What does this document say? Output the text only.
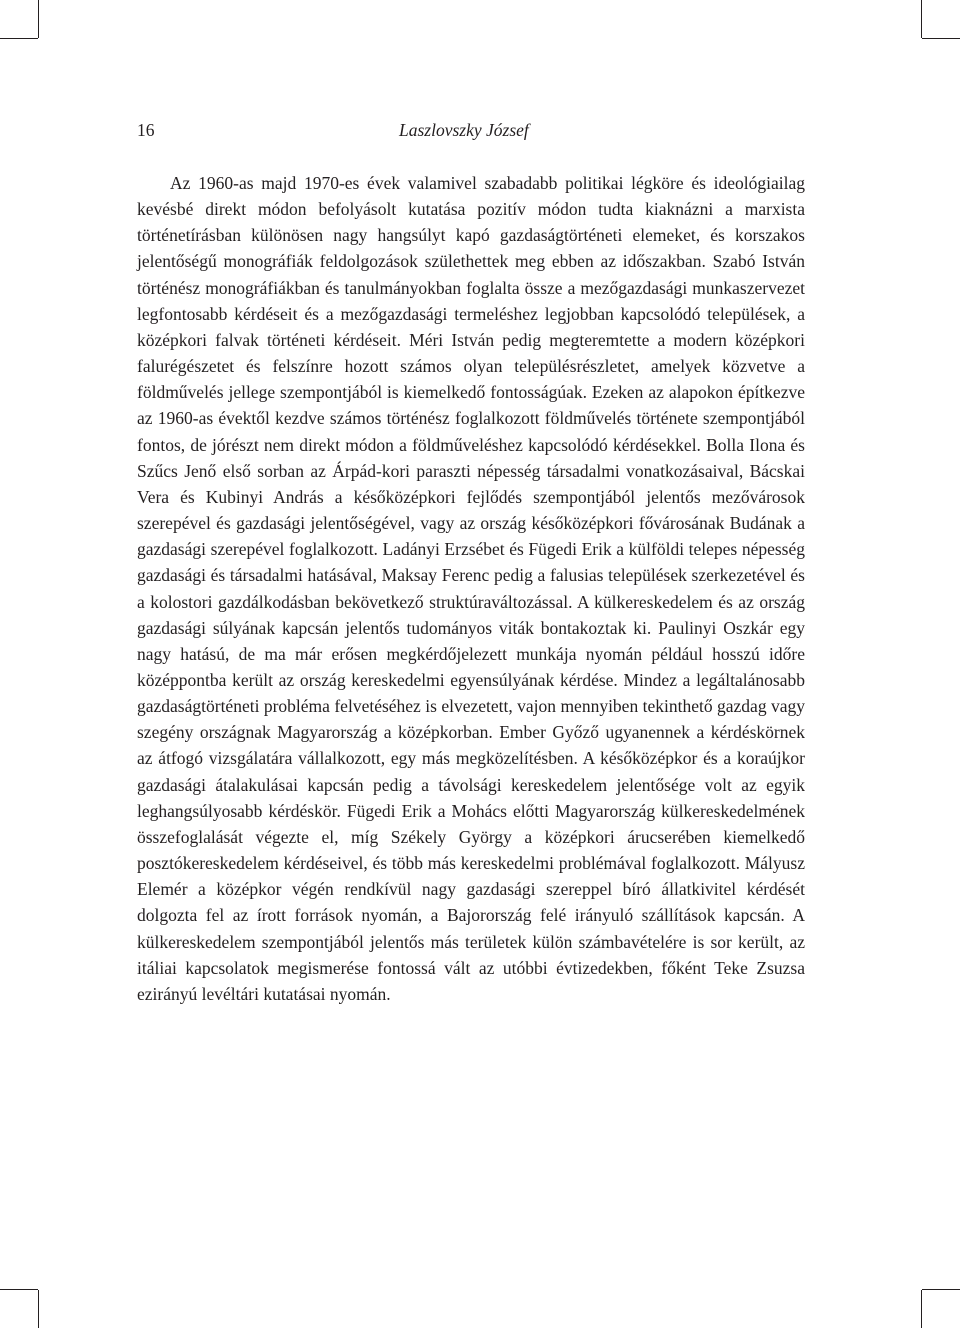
16	Laszlovszky József

Az 1960-as majd 1970-es évek valamivel szabadabb politikai légköre és ideológiailag kevésbé direkt módon befolyásolt kutatása pozitív módon tudta kiaknázni a marxista történetírásban különösen nagy hangsúlyt kapó gazdaságtörténeti elemeket, és korszakos jelentőségű monográfiák feldolgozások születhettek meg ebben az időszakban. Szabó István történész monográfiákban és tanulmányokban foglalta össze a mezőgazdasági munkaszervezet legfontosabb kérdéseit és a mezőgazdasági termeléshez legjobban kapcsolódó települések, a középkori falvak történeti kérdéseit. Méri István pedig megteremtette a modern középkori falurégészetet és felszínre hozott számos olyan településrészletet, amelyek közvetve a földművelés jellege szempontjából is kiemelkedő fontosságúak. Ezeken az alapokon építkezve az 1960-as évektől kezdve számos történész foglalkozott földművelés története szempontjából fontos, de jórészt nem direkt módon a földműveléshez kapcsolódó kérdésekkel. Bolla Ilona és Szűcs Jenő első sorban az Árpád-kori paraszti népesség társadalmi vonatkozásaival, Bácskai Vera és Kubinyi András a későközépkori fejlődés szempontjából jelentős mezővárosok szerepével és gazdasági jelentőségével, vagy az ország későközépkori fővárosának Budának a gazdasági szerepével foglalkozott. Ladányi Erzsébet és Fügedi Erik a külföldi telepes népesség gazdasági és társadalmi hatásával, Maksay Ferenc pedig a falusias települések szerkezetével és a kolostori gazdálkodásban bekövetkező struktúraváltozással. A külkereskedelem és az ország gazdasági súlyának kapcsán jelentős tudományos viták bontakoztak ki. Paulinyi Oszkár egy nagy hatású, de ma már erősen megkérdőjelezett munkája nyomán például hosszú időre középpontba került az ország kereskedelmi egyensúlyának kérdése. Mindez a legáltalánosabb gazdaságtörténeti probléma felvetéséhez is elvezetett, vajon mennyiben tekinthető gazdag vagy szegény országnak Magyarország a középkorban. Ember Győző ugyanennek a kérdéskörnek az átfogó vizsgálatára vállalkozott, egy más megközelítésben. A későközépkor és a koraújkor gazdasági átalakulásai kapcsán pedig a távolsági kereskedelem jelentősége volt az egyik leghangsúlyosabb kérdéskör. Fügedi Erik a Mohács előtti Magyarország külkereskedelmének összefoglalását végezte el, míg Székely György a középkori árucserében kiemelkedő posztókereskedelem kérdéseivel, és több más kereskedelmi problémával foglalkozott. Mályusz Elemér a középkor végén rendkívül nagy gazdasági szereppel bíró állatkivitel kérdését dolgozta fel az írott források nyomán, a Bajorország felé irányuló szállítások kapcsán. A külkereskedelem szempontjából jelentős más területek külön számbavételére is sor került, az itáliai kapcsolatok megismerése fontossá vált az utóbbi évtizedekben, főként Teke Zsuzsa ezirányú levéltári kutatásai nyomán.
